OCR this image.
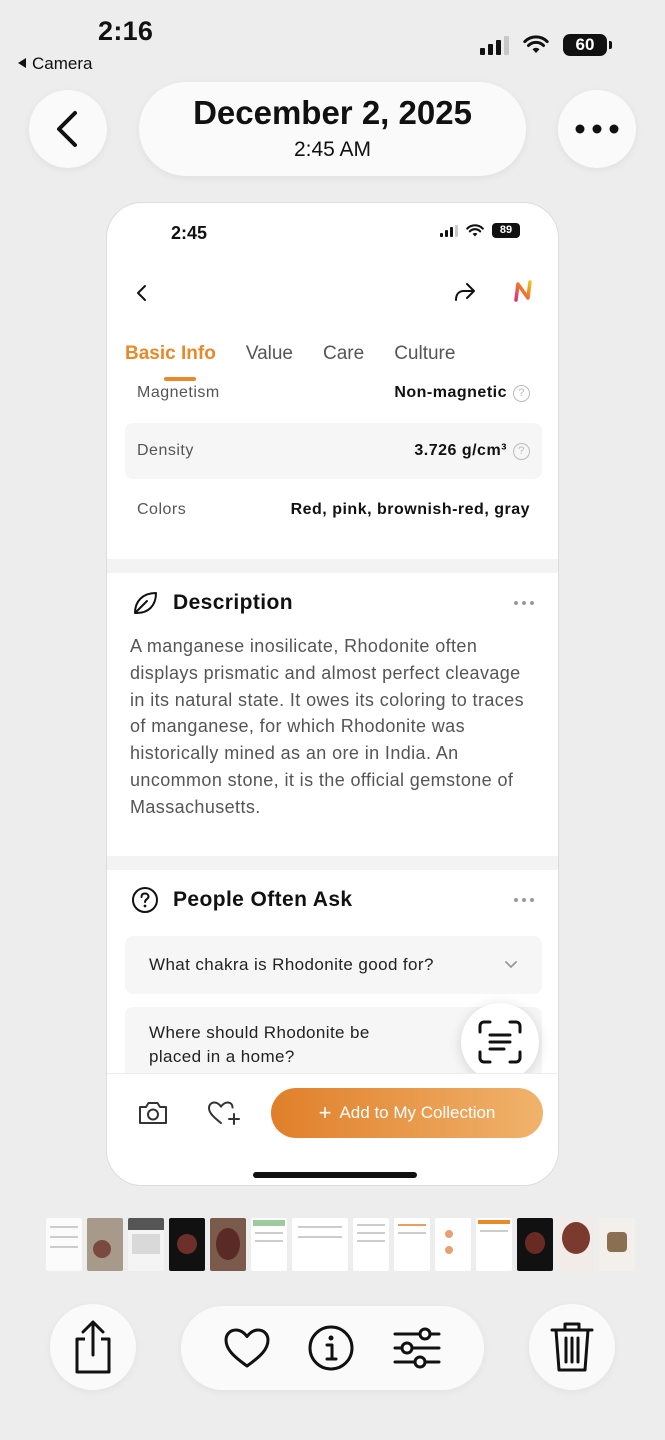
2:16
Camera
60
December 2, 2025
2:45 AM
2:45	89
Basic Info Value Care Culture
Magnetism	Non-magnetic	?
Density	3.726 g/cm³	?
Colors	Red, pink, brownish-red, gray
Description
A manganese inosilicate, Rhodonite often displays prismatic and almost perfect cleavage in its natural state. It owes its coloring to traces of manganese, for which Rhodonite was historically mined as an ore in India. An uncommon stone, it is the official gemstone of Massachusetts.
People Often Ask
What chakra is Rhodonite good for?
Where should Rhodonite be placed in a home?
+ Add to My Collection
